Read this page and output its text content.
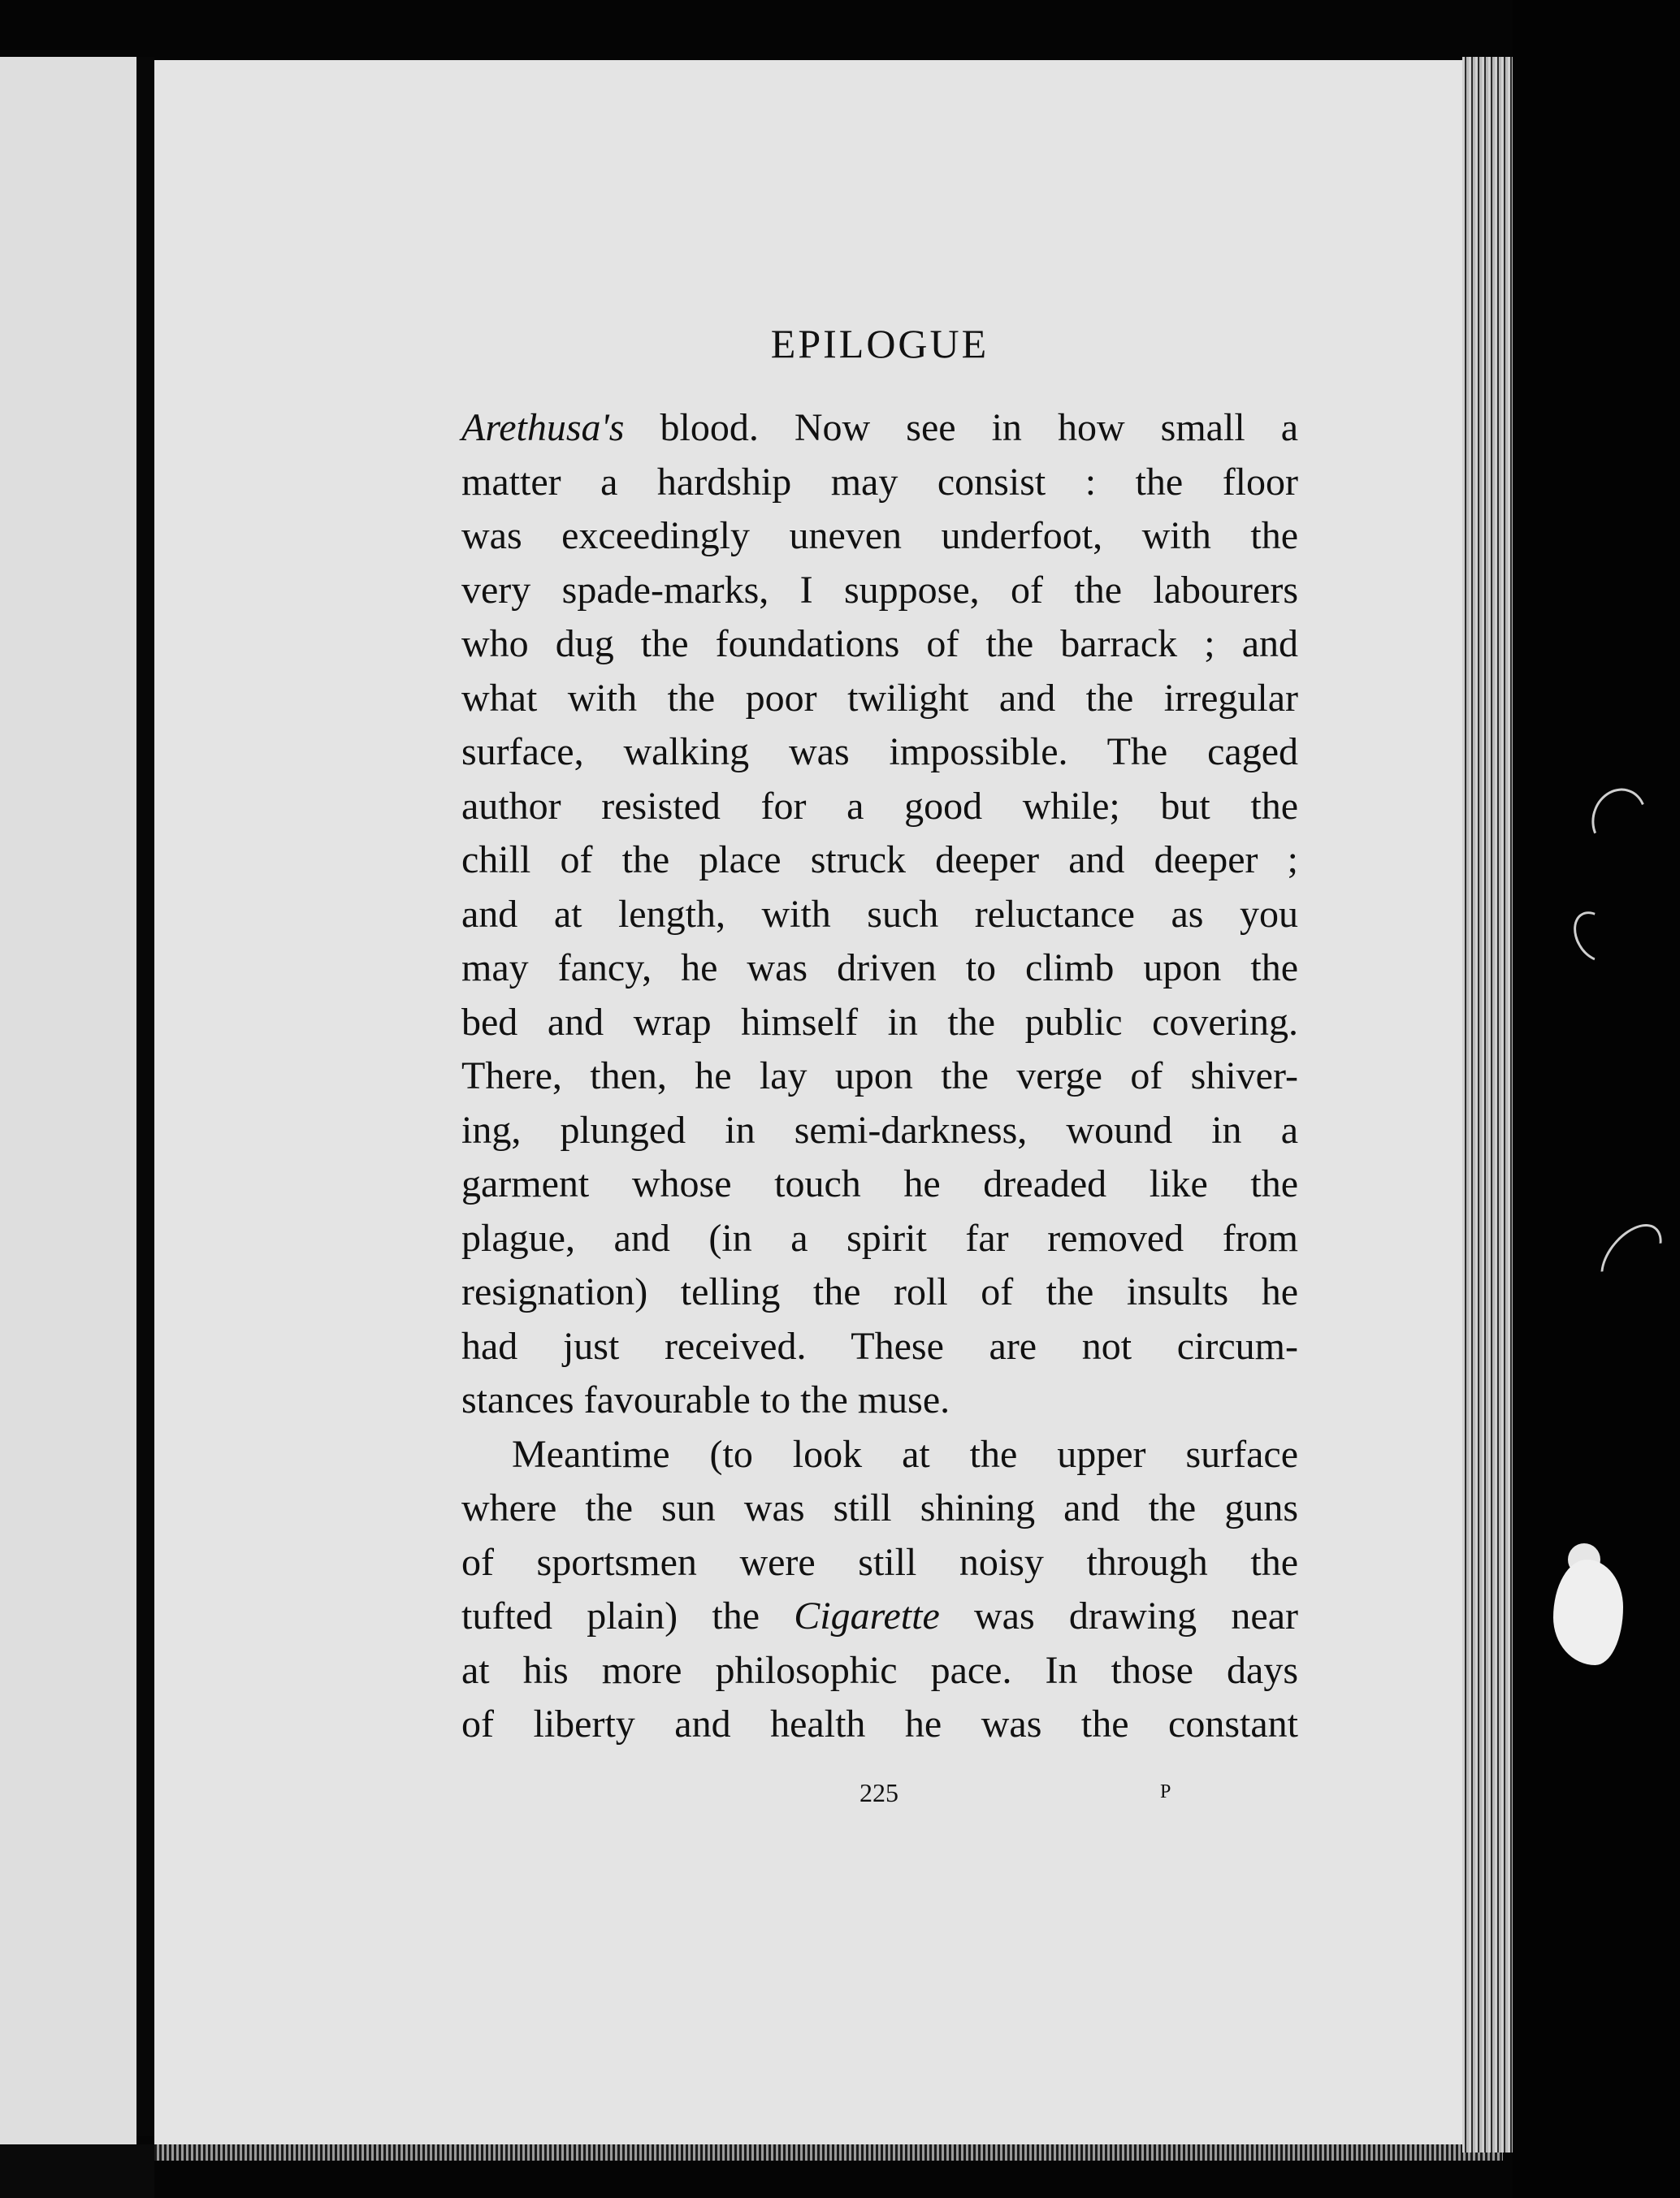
EPILOGUE
Arethusa's blood. Now see in how small a
matter a hardship may consist : the floor
was exceedingly uneven underfoot, with the
very spade-marks, I suppose, of the labourers
who dug the foundations of the barrack ; and
what with the poor twilight and the irregular
surface, walking was impossible. The caged
author resisted for a good while; but the
chill of the place struck deeper and deeper ;
and at length, with such reluctance as you
may fancy, he was driven to climb upon the
bed and wrap himself in the public covering.
There, then, he lay upon the verge of shiver-
ing, plunged in semi-darkness, wound in a
garment whose touch he dreaded like the
plague, and (in a spirit far removed from
resignation) telling the roll of the insults he
had just received. These are not circum-
stances favourable to the muse.
Meantime (to look at the upper surface
where the sun was still shining and the guns
of sportsmen were still noisy through the
tufted plain) the Cigarette was drawing near
at his more philosophic pace. In those days
of liberty and health he was the constant
225	P
